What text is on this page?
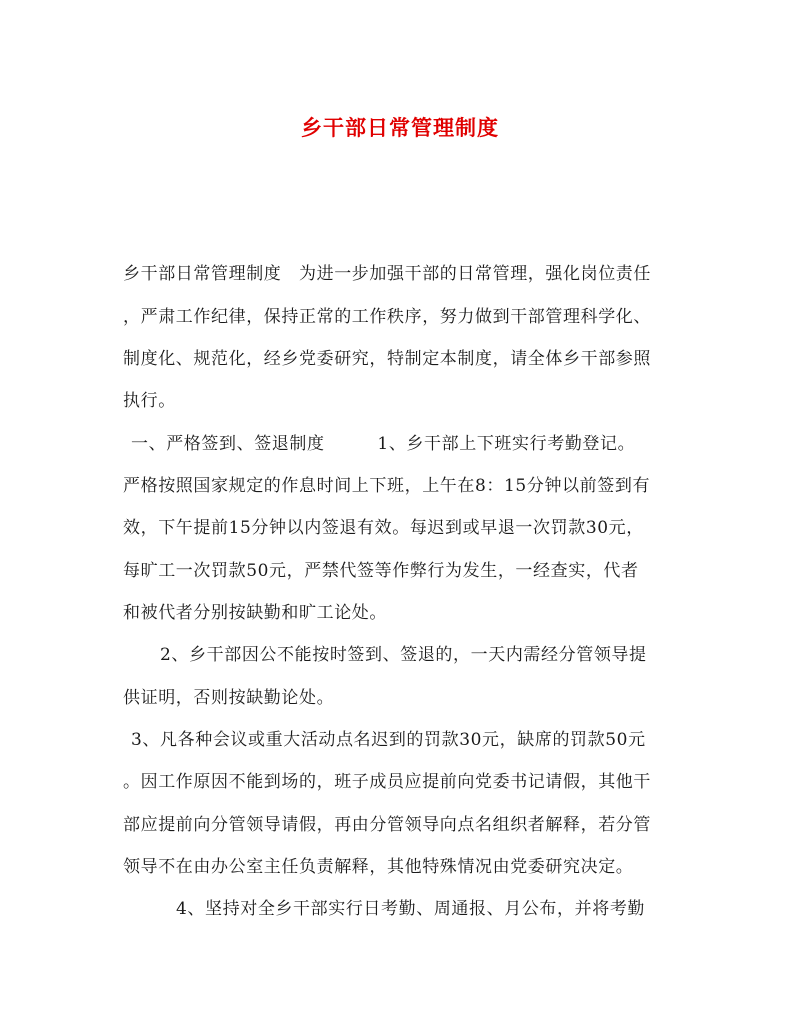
乡干部日常管理制度
乡干部日常管理制度　为进一步加强干部的日常管理，强化岗位责任
，严肃工作纪律，保持正常的工作秩序，努力做到干部管理科学化、
制度化、规范化，经乡党委研究，特制定本制度，请全体乡干部参照
执行。
一、严格签到、签退制度　　　1、乡干部上下班实行考勤登记。
严格按照国家规定的作息时间上下班，上午在8：15分钟以前签到有
效，下午提前15分钟以内签退有效。每迟到或早退一次罚款30元，
每旷工一次罚款50元，严禁代签等作弊行为发生，一经查实，代者
和被代者分别按缺勤和旷工论处。
2、乡干部因公不能按时签到、签退的，一天内需经分管领导提
供证明，否则按缺勤论处。
3、凡各种会议或重大活动点名迟到的罚款30元，缺席的罚款50元
。因工作原因不能到场的，班子成员应提前向党委书记请假，其他干
部应提前向分管领导请假，再由分管领导向点名组织者解释，若分管
领导不在由办公室主任负责解释，其他特殊情况由党委研究决定。
4、坚持对全乡干部实行日考勤、周通报、月公布，并将考勤
